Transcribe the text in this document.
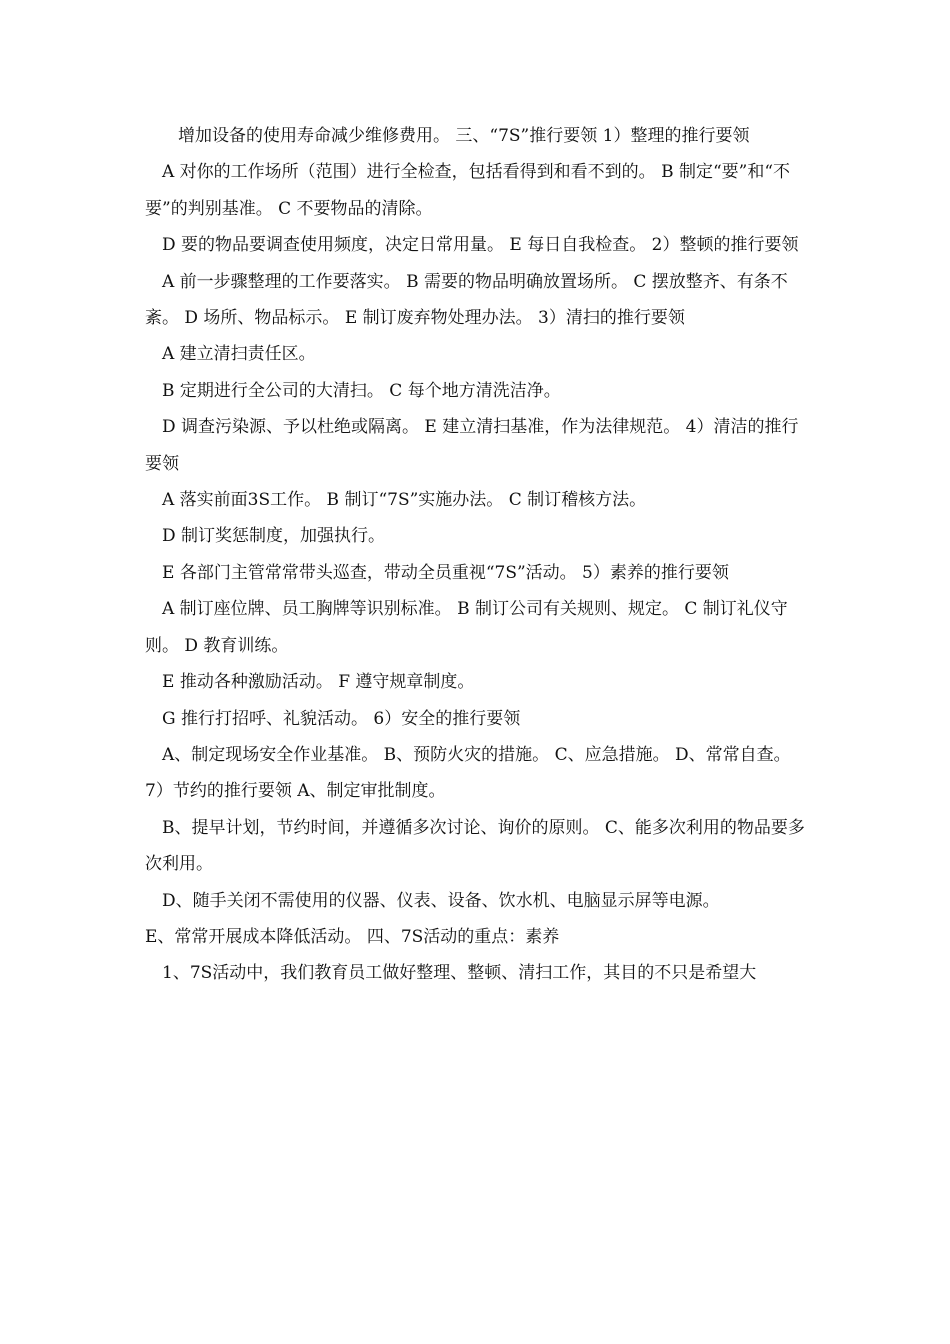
增加设备的使用寿命减少维修费用。 三、“7S”推行要领 1）整理的推行要领

A 对你的工作场所（范围）进行全检查，包括看得到和看不到的。 B 制定“要”和“不要”的判别基准。 C 不要物品的清除。

D 要的物品要调查使用频度，决定日常用量。 E 每日自我检查。 2）整顿的推行要领

A 前一步骤整理的工作要落实。 B 需要的物品明确放置场所。 C 摆放整齐、有条不紊。 D 场所、物品标示。 E 制订废弃物处理办法。 3）清扫的推行要领

A 建立清扫责任区。

B 定期进行全公司的大清扫。 C 每个地方清洗洁净。

D 调查污染源、予以杜绝或隔离。 E 建立清扫基准，作为法律规范。 4）清洁的推行要领

A 落实前面3S工作。 B 制订“7S”实施办法。 C 制订稽核方法。

D 制订奖惩制度，加强执行。

E 各部门主管常常带头巡查，带动全员重视“7S”活动。 5）素养的推行要领

A 制订座位牌、员工胸牌等识别标准。 B 制订公司有关规则、规定。 C 制订礼仪守则。 D 教育训练。

E 推动各种激励活动。 F 遵守规章制度。

G 推行打招呼、礼貌活动。 6）安全的推行要领

A、制定现场安全作业基准。 B、预防火灾的措施。 C、应急措施。 D、常常自查。 7）节约的推行要领 A、制定审批制度。

B、提早计划，节约时间，并遵循多次讨论、询价的原则。 C、能多次利用的物品要多次利用。

D、随手关闭不需使用的仪器、仪表、设备、饮水机、电脑显示屏等电源。

E、常常开展成本降低活动。 四、7S活动的重点：素养

1、7S活动中，我们教育员工做好整理、整顿、清扫工作，其目的不只是希望大
